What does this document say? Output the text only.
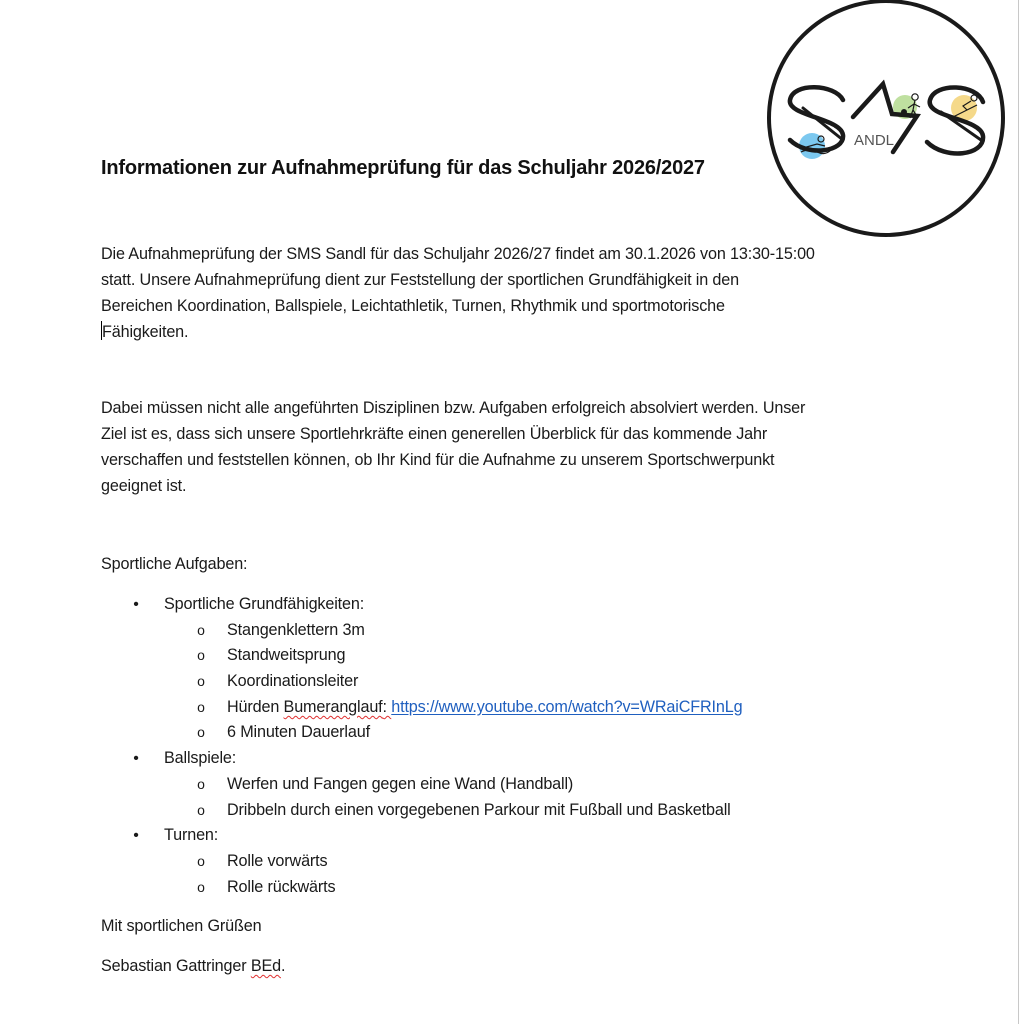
ANDL
Informationen zur Aufnahmeprüfung für das Schuljahr 2026/2027
Die Aufnahmeprüfung der SMS Sandl für das Schuljahr 2026/27 findet am 30.1.2026 von 13:30-15:00
statt. Unsere Aufnahmeprüfung dient zur Feststellung der sportlichen Grundfähigkeit in den
Bereichen Koordination, Ballspiele, Leichtathletik, Turnen, Rhythmik und sportmotorische
Fähigkeiten.
Dabei müssen nicht alle angeführten Disziplinen bzw. Aufgaben erfolgreich absolviert werden. Unser
Ziel ist es, dass sich unsere Sportlehrkräfte einen generellen Überblick für das kommende Jahr
verschaffen und feststellen können, ob Ihr Kind für die Aufnahme zu unserem Sportschwerpunkt
geeignet ist.
Sportliche Aufgaben:
• Sportliche Grundfähigkeiten:
o Stangenklettern 3m
o Standweitsprung
o Koordinationsleiter
o Hürden Bumeranglauf: https://www.youtube.com/watch?v=WRaiCFRInLg
o 6 Minuten Dauerlauf
• Ballspiele:
o Werfen und Fangen gegen eine Wand (Handball)
o Dribbeln durch einen vorgegebenen Parkour mit Fußball und Basketball
• Turnen:
o Rolle vorwärts
o Rolle rückwärts
Mit sportlichen Grüßen
Sebastian Gattringer BEd.
